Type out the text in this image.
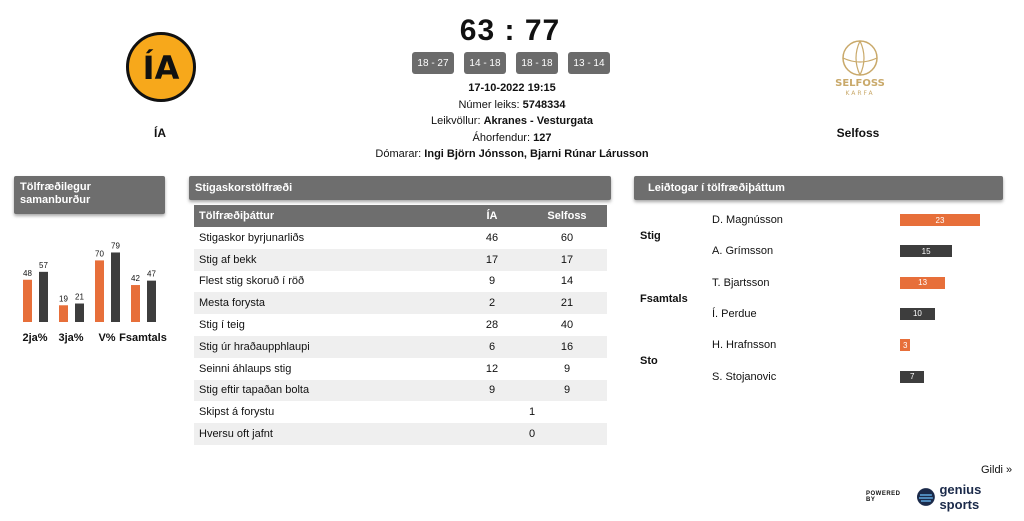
ÍA	SELFOSS
KARFA
ÍA	Selfoss
63 : 77
18 - 27	14 - 18	18 - 18	13 - 14
17-10-2022 19:15
Númer leiks: 5748334
Leikvöllur: Akranes - Vesturgata
Áhorfendur: 127
Dómarar: Ingi Björn Jónsson, Bjarni Rúnar Lárusson
Tölfræðilegur samanburður
Stigaskorstölfræði	Leiðtogar í tölfræðiþáttum
48
57
2ja%
19 21
3ja%
70
79
V%
42 47
Fsamtals
Tölfræðiþáttur	ÍA	Selfoss
Stigaskor byrjunarliðs	46	60
Stig af bekk	17	17
Flest stig skoruð í röð	9	14
Mesta forysta	2	21
Stig í teig	28	40
Stig úr hraðaupphlaupi	6	16
Seinni áhlaups stig	12	9
Stig eftir tapaðan bolta	9	9
Skipst á forystu	1	
Hversu oft jafnt	0	
Stig
D. Magnússon	23
A. Grímsson	15
Fsamtals
T. Bjartsson	13
Í. Perdue	10
Sto
H. Hrafnsson	3
S. Stojanovic	7
Gildi »
POWERED BY
genius sports
